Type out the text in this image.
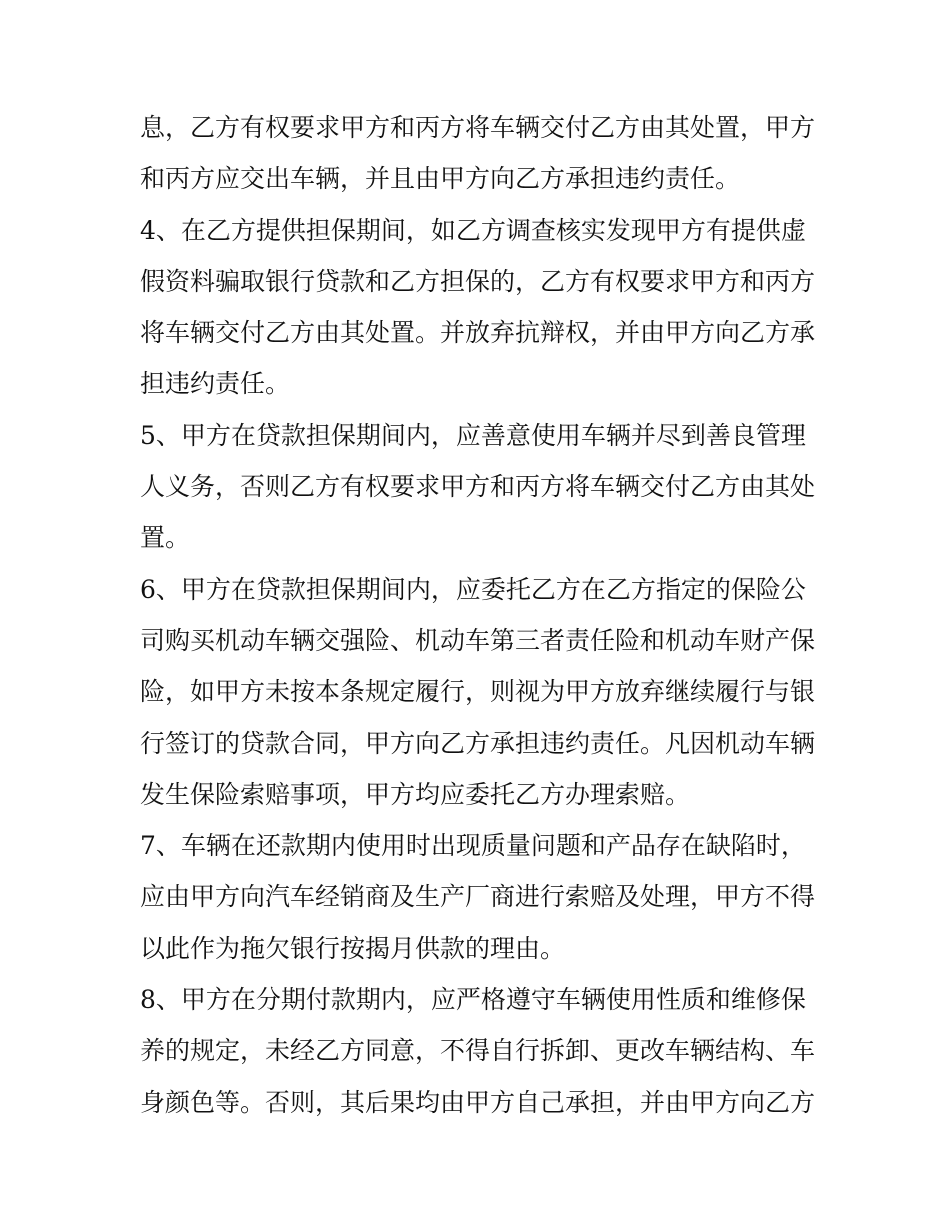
息，乙方有权要求甲方和丙方将车辆交付乙方由其处置，甲方
和丙方应交出车辆，并且由甲方向乙方承担违约责任。
4、在乙方提供担保期间，如乙方调查核实发现甲方有提供虚
假资料骗取银行贷款和乙方担保的，乙方有权要求甲方和丙方
将车辆交付乙方由其处置。并放弃抗辩权，并由甲方向乙方承
担违约责任。
5、甲方在贷款担保期间内，应善意使用车辆并尽到善良管理
人义务，否则乙方有权要求甲方和丙方将车辆交付乙方由其处
置。
6、甲方在贷款担保期间内，应委托乙方在乙方指定的保险公
司购买机动车辆交强险、机动车第三者责任险和机动车财产保
险，如甲方未按本条规定履行，则视为甲方放弃继续履行与银
行签订的贷款合同，甲方向乙方承担违约责任。凡因机动车辆
发生保险索赔事项，甲方均应委托乙方办理索赔。
7、车辆在还款期内使用时出现质量问题和产品存在缺陷时，
应由甲方向汽车经销商及生产厂商进行索赔及处理，甲方不得
以此作为拖欠银行按揭月供款的理由。
8、甲方在分期付款期内，应严格遵守车辆使用性质和维修保
养的规定，未经乙方同意，不得自行拆卸、更改车辆结构、车
身颜色等。否则，其后果均由甲方自己承担，并由甲方向乙方
